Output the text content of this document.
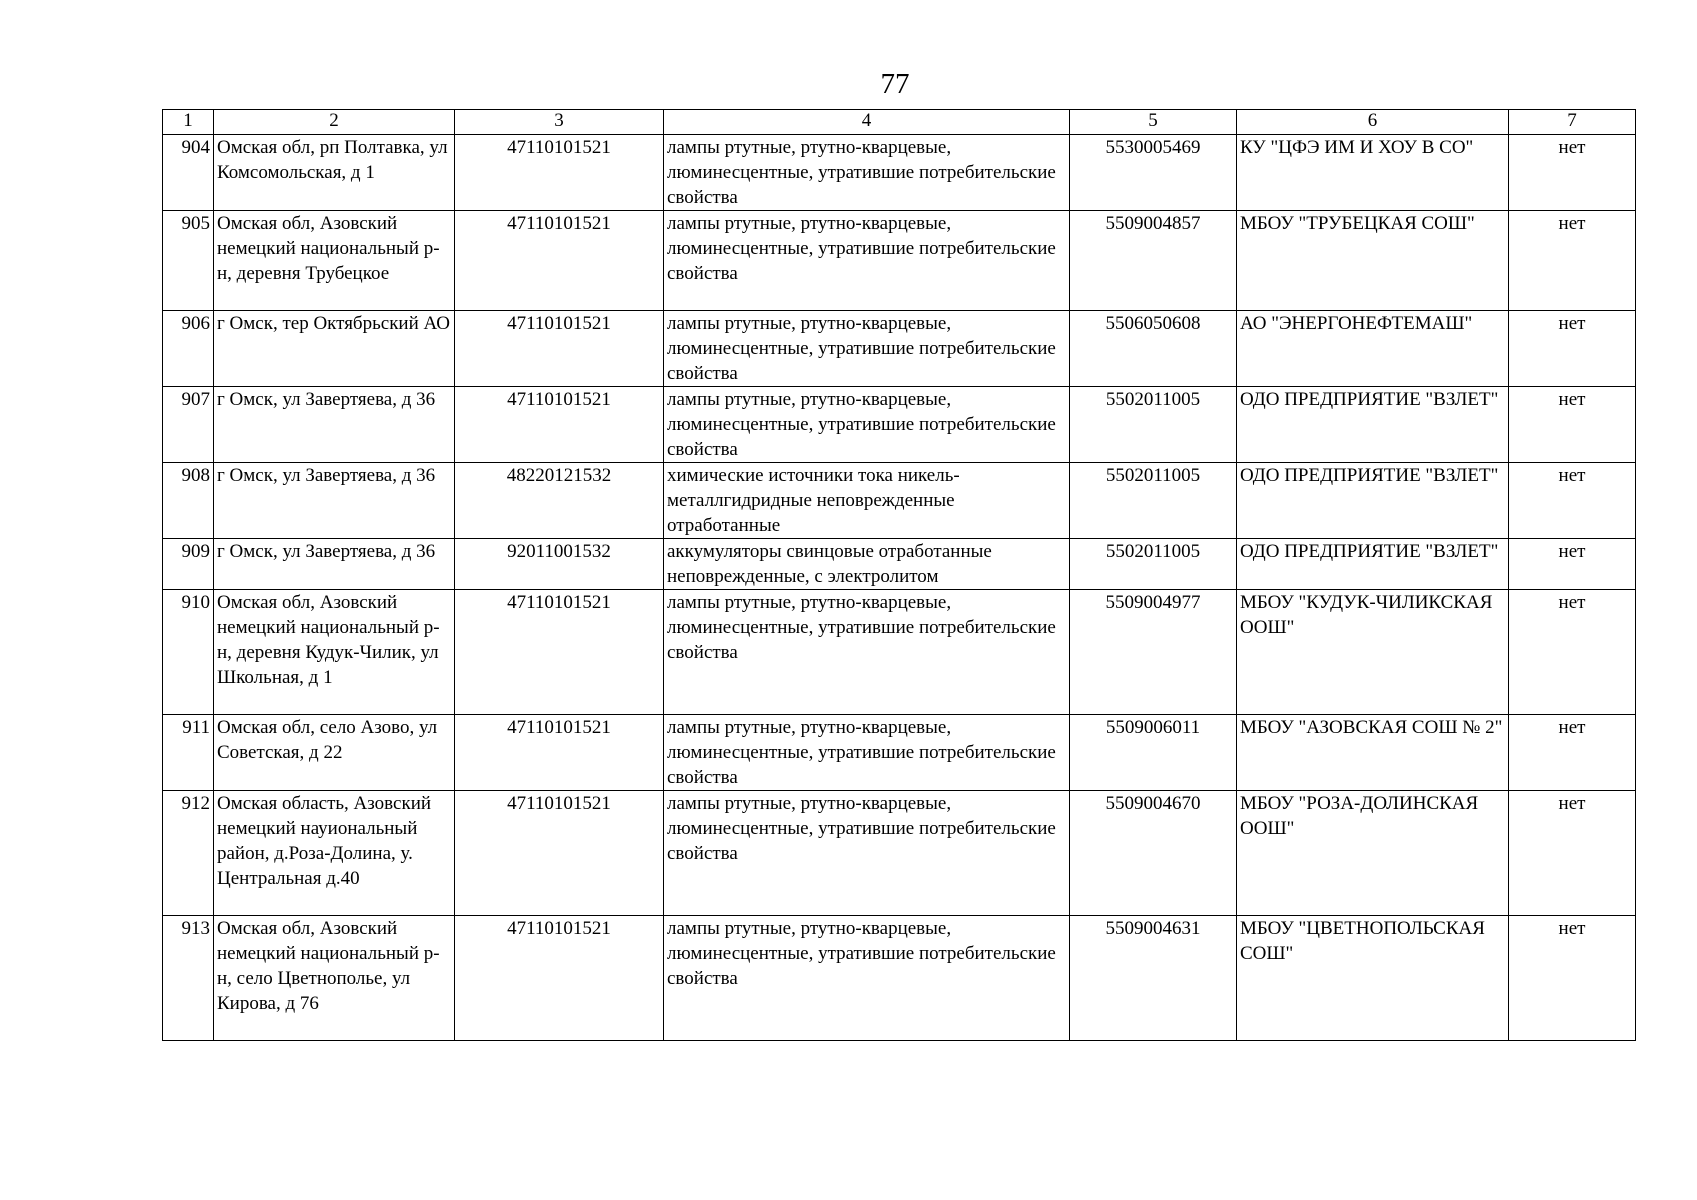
77
1	2	3	4	5	6	7
904	Омская обл, рп Полтавка, ул Комсомольская, д 1	47110101521	лампы ртутные, ртутно-кварцевые, люминесцентные, утратившие потребительские свойства	5530005469	КУ "ЦФЭ ИМ И ХОУ В СО"	нет
905	Омская обл, Азовский немецкий национальный р-н, деревня Трубецкое	47110101521	лампы ртутные, ртутно-кварцевые, люминесцентные, утратившие потребительские свойства	5509004857	МБОУ "ТРУБЕЦКАЯ СОШ"	нет
906	г Омск, тер Октябрьский АО	47110101521	лампы ртутные, ртутно-кварцевые, люминесцентные, утратившие потребительские свойства	5506050608	АО "ЭНЕРГОНЕФТЕМАШ"	нет
907	г Омск, ул Завертяева, д 36	47110101521	лампы ртутные, ртутно-кварцевые, люминесцентные, утратившие потребительские свойства	5502011005	ОДО ПРЕДПРИЯТИЕ "ВЗЛЕТ"	нет
908	г Омск, ул Завертяева, д 36	48220121532	химические источники тока никель-металлгидридные неповрежденные отработанные	5502011005	ОДО ПРЕДПРИЯТИЕ "ВЗЛЕТ"	нет
909	г Омск, ул Завертяева, д 36	92011001532	аккумуляторы свинцовые отработанные неповрежденные, с электролитом	5502011005	ОДО ПРЕДПРИЯТИЕ "ВЗЛЕТ"	нет
910	Омская обл, Азовский немецкий национальный р-н, деревня Кудук-Чилик, ул Школьная, д 1	47110101521	лампы ртутные, ртутно-кварцевые, люминесцентные, утратившие потребительские свойства	5509004977	МБОУ "КУДУК-ЧИЛИКСКАЯ ООШ"	нет
911	Омская обл, село Азово, ул Советская, д 22	47110101521	лампы ртутные, ртутно-кварцевые, люминесцентные, утратившие потребительские свойства	5509006011	МБОУ "АЗОВСКАЯ СОШ № 2"	нет
912	Омская область, Азовский немецкий науиональный район, д.Роза-Долина, у. Центральная д.40	47110101521	лампы ртутные, ртутно-кварцевые, люминесцентные, утратившие потребительские свойства	5509004670	МБОУ "РОЗА-ДОЛИНСКАЯ ООШ"	нет
913	Омская обл, Азовский немецкий национальный р-н, село Цветнополье, ул Кирова, д 76	47110101521	лампы ртутные, ртутно-кварцевые, люминесцентные, утратившие потребительские свойства	5509004631	МБОУ "ЦВЕТНОПОЛЬСКАЯ СОШ"	нет
